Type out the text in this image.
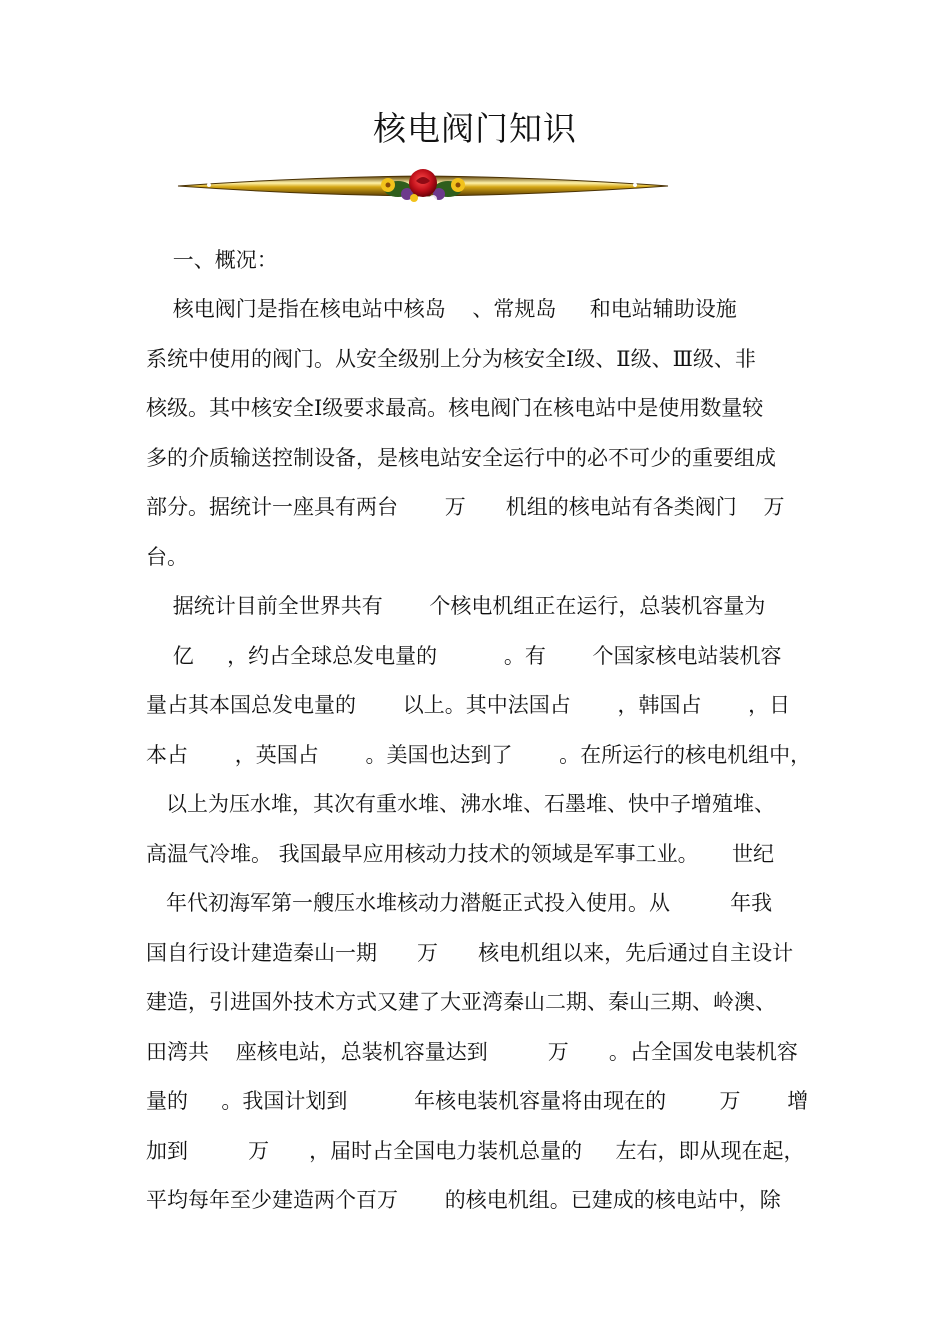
核电阀门知识
一、概况：
核电阀门是指在核电站中核岛    、常规岛     和电站辅助设施
系统中使用的阀门。从安全级别上分为核安全Ⅰ级、Ⅱ级、Ⅲ级、非
核级。其中核安全Ⅰ级要求最高。核电阀门在核电站中是使用数量较
多的介质输送控制设备，是核电站安全运行中的必不可少的重要组成
部分。据统计一座具有两台       万      机组的核电站有各类阀门    万
台。
据统计目前全世界共有       个核电机组正在运行，总装机容量为
亿     ，约占全球总发电量的          。有       个国家核电站装机容
量占其本国总发电量的       以上。其中法国占       ，韩国占       ，日
本占       ，英国占       。美国也达到了       。在所运行的核电机组中，
以上为压水堆，其次有重水堆、沸水堆、石墨堆、快中子增殖堆、
高温气冷堆。 我国最早应用核动力技术的领域是军事工业。     世纪
年代初海军第一艘压水堆核动力潜艇正式投入使用。从         年我
国自行设计建造秦山一期      万      核电机组以来，先后通过自主设计
建造，引进国外技术方式又建了大亚湾秦山二期、秦山三期、岭澳、
田湾共    座核电站，总装机容量达到         万      。占全国发电装机容
量的     。我国计划到          年核电装机容量将由现在的        万       增
加到         万      ，届时占全国电力装机总量的     左右，即从现在起，
平均每年至少建造两个百万       的核电机组。已建成的核电站中，除
